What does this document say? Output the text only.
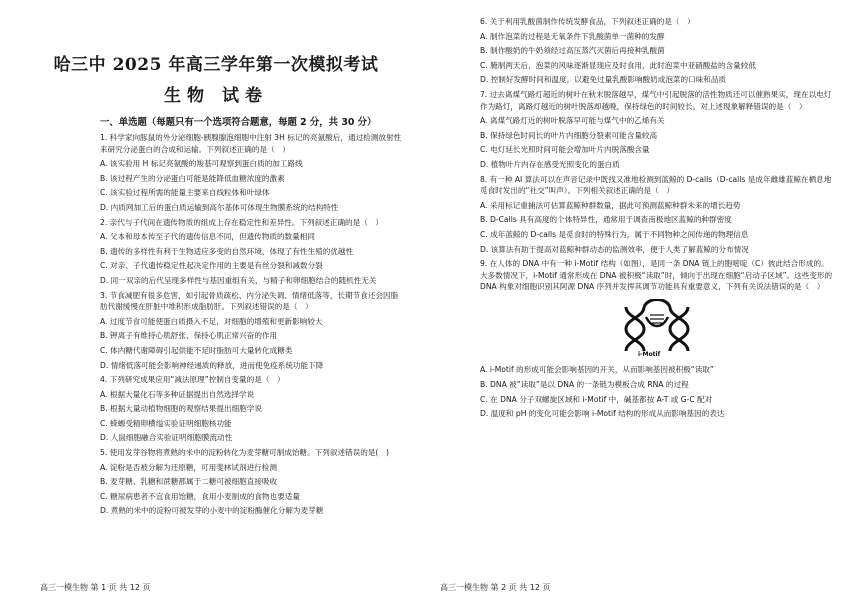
哈三中 2025 年高三学年第一次模拟考试
生物 试卷
一、单选题（每题只有一个选项符合题意，每题 2 分，共 30 分）
1. 科学家向豚鼠的外分泌细胞-胰腺腺泡细胞中注射 3H 标记的亮氨酸后，通过检测放射性来研究分泌蛋白的合成和运输。下列叙述正确的是（　）
A. 该实验用 H 标记亮氨酸的羧基可观察到蛋白质的加工路线
B. 该过程产生的分泌蛋白可能是能降低血糖浓度的激素
C. 该实验过程所需的能量主要来自线粒体和叶绿体
D. 内质网加工后的蛋白质运输到高尔基体可体现生物膜系统的结构特性
2. 亲代与子代间在遗传物质的组成上存在稳定性和差异性。下列叙述正确的是（　）
A. 父本和母本传至子代的遗传信息不同，但遗传物质的数量相同
B. 遗传的多样性有利于生物适应多变的自然环境，体现了有性生殖的优越性
C. 对亲、子代遗传稳定性起决定作用的主要是有丝分裂和减数分裂
D. 同一双亲的后代呈现多样性与基因重组有关，与精子和卵细胞结合的随机性无关
3. 节食减肥有很多危害，如引起骨质疏松、内分泌失调、情绪低落等，长期节食还会因脂肪代谢缓慢在肝脏中堆积形成脂肪肝。下列叙述错误的是（　）
A. 过度节食可能使蛋白质摄入不足，对细胞的增殖和更新影响较大
B. 钾离子有维持心肌舒张、保持心肌正常兴奋的作用
C. 体内糖代谢障碍引起供能不足时脂肪可大量转化成糖类
D. 情绪低落可能会影响神经递质的释放，进而使免疫系统功能下降
4. 下列研究成果应用“减法原理”控制自变量的是（　）
A. 根据大量化石等多种证据提出自然选择学说
B. 根据大量动植物细胞的观察结果提出细胞学说
C. 蝾螈受精卵横缢实验证明细胞核功能
D. 人鼠细胞融合实验证明细胞膜流动性
5. 使用发芽谷物将煮熟的米中的淀粉转化为麦芽糖可制成饴糖。下列叙述错误的是(　)
A. 淀粉是否被分解为还原糖，可用斐林试剂进行检测
B. 麦芽糖、乳糖和蔗糖都属于二糖可被细胞直接吸收
C. 糖尿病患者不宜食用饴糖，食用小麦制成的食物也要适量
D. 煮熟的米中的淀粉可被发芽的小麦中的淀粉酶催化分解为麦芽糖
6. 关于利用乳酸菌制作传统发酵食品，下列叙述正确的是（　）
A. 制作泡菜的过程是无氧条件下乳酸菌单一菌种的发酵
B. 制作酸奶的牛奶须经过高压蒸汽灭菌后再接种乳酸菌
C. 腌制两天后，泡菜的风味逐渐显现应及时食用，此时泡菜中亚硝酸盐的含量较低
D. 控制好发酵时间和温度，以避免过量乳酸影响酸奶或泡菜的口味和品质
7. 过去离煤气路灯超近的树叶在秋末脱落越早，煤气中引起脱落的活性物质还可以催熟果实，现在以电灯作为路灯，离路灯越近的树叶脱落却越晚，保持绿色的时间较长。对上述现象解释错误的是（　）
A. 离煤气路灯近的树叶脱落早可能与煤气中的乙烯有关
B. 保持绿色时间长的叶片内细胞分裂素可能含量较高
C. 电灯延长光照时间可能会增加叶片内脱落酸含量
D. 植物叶片内存在感受光照变化的蛋白质
8. 有一种 AI 算法可以在声音记录中既找又准地检测到蓝鲸的 D-calls（D-calls 是成年雌雄蓝鲸在栖息地觅食时发出的“社交”叫声）。下列相关叙述正确的是（　）
A. 采用标记重捕法可估算蓝鲸种群数量，据此可预测蓝鲸种群未来的增长趋势
B. D-Calls 具有高度的个体特异性，通常用于调查南极地区蓝鲸的种群密度
C. 成年蓝鲸的 D-calls 是觅食时的特殊行为，属于不同物种之间传递的物理信息
D. 该算法有助于提高对蓝鲸种群动态的监测效率，便于人类了解蓝鲸的分布情况
9. 在人体的 DNA 中有一种 i-Motif 结构（如图），是同一条 DNA 链上的胞嘧啶（C）彼此结合形成的。大多数情况下，i-Motif 通常形成在 DNA 被积极“读取”时，倾向于出现在细胞“启动子区域”。这些变形的 DNA 构象对细胞识别其阿源 DNA 序列并发挥其调节功能具有重要意义，下列有关说法错误的是（　）
i-Motif
A. i-Motif 的形成可能会影响基因的开关，从而影响基因被积极“读取”
B. DNA 被“读取”是以 DNA 的一条链为模板合成 RNA 的过程
C. 在 DNA 分子双螺旋区域和 i-Motif 中，碱基都按 A-T 或 G-C 配对
D. 温度和 pH 的变化可能会影响 i-Motif 结构的形成从而影响基因的表达
高三一模生物 第 1 页 共 12 页	高三一模生物 第 2 页 共 12 页
